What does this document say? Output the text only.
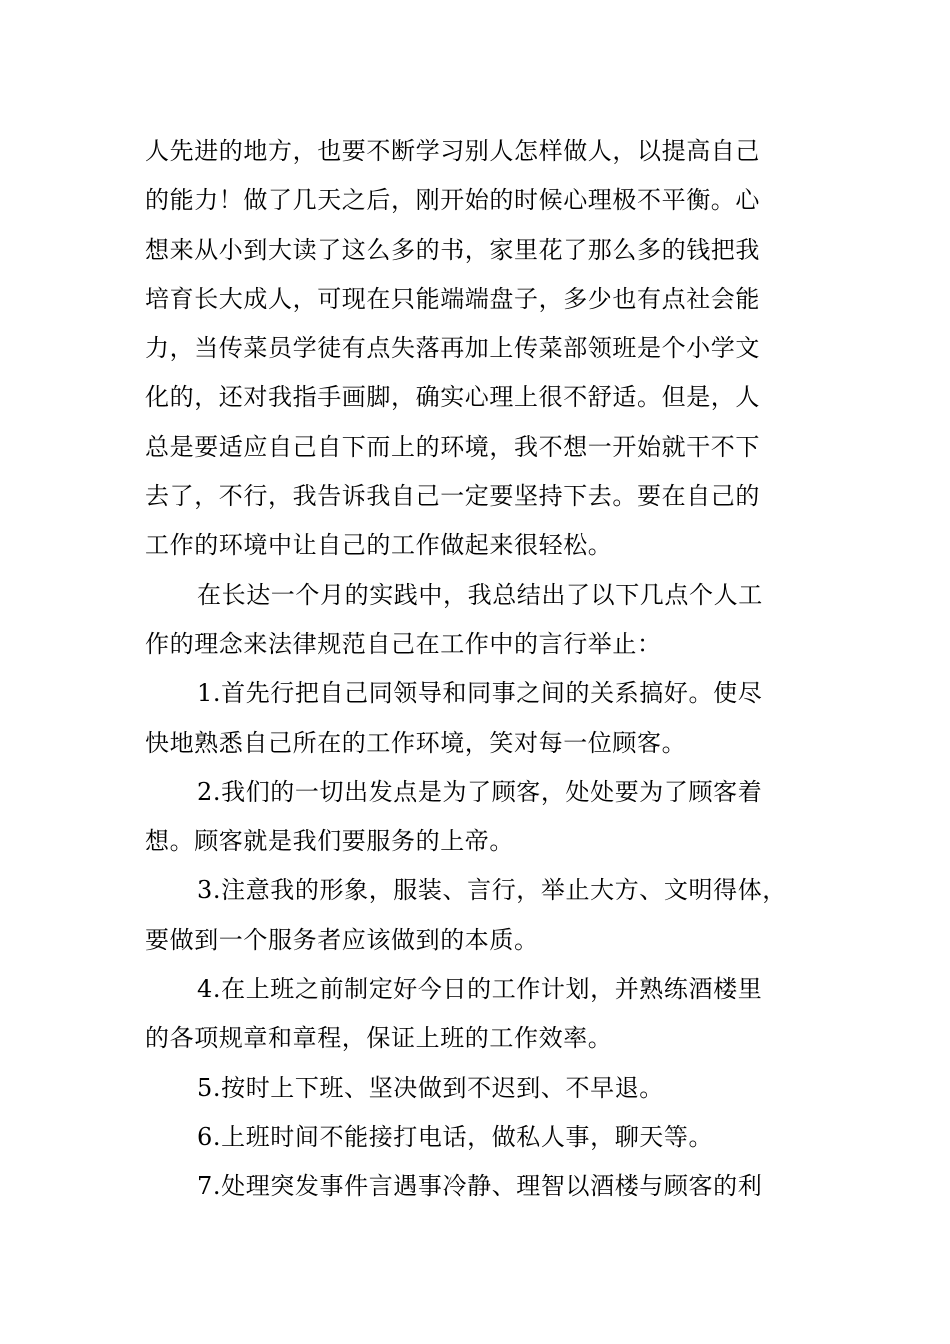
人先进的地方，也要不断学习别人怎样做人，以提高自己
的能力！做了几天之后，刚开始的时候心理极不平衡。心
想来从小到大读了这么多的书，家里花了那么多的钱把我
培育长大成人，可现在只能端端盘子，多少也有点社会能
力，当传菜员学徒有点失落再加上传菜部领班是个小学文
化的，还对我指手画脚，确实心理上很不舒适。但是，人
总是要适应自己自下而上的环境，我不想一开始就干不下
去了，不行，我告诉我自己一定要坚持下去。要在自己的
工作的环境中让自己的工作做起来很轻松。
在长达一个月的实践中，我总结出了以下几点个人工
作的理念来法律规范自己在工作中的言行举止：
1.首先行把自己同领导和同事之间的关系搞好。使尽
快地熟悉自己所在的工作环境，笑对每一位顾客。
2.我们的一切出发点是为了顾客，处处要为了顾客着
想。顾客就是我们要服务的上帝。
3.注意我的形象，服装、言行，举止大方、文明得体，
要做到一个服务者应该做到的本质。
4.在上班之前制定好今日的工作计划，并熟练酒楼里
的各项规章和章程，保证上班的工作效率。
5.按时上下班、坚决做到不迟到、不早退。
6.上班时间不能接打电话，做私人事，聊天等。
7.处理突发事件言遇事冷静、理智以酒楼与顾客的利
